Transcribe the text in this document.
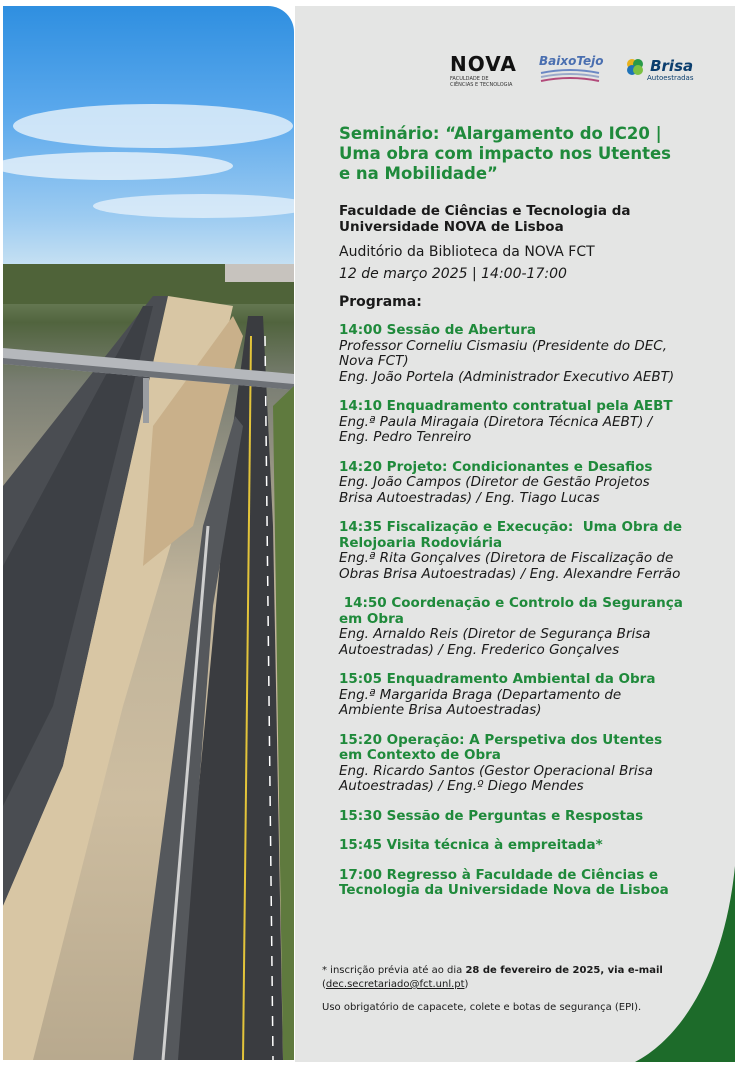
NOVA
FACULDADE DE
CIÊNCIAS E TECNOLOGIA
BaixoTejo	Brisa
Autoestradas
Seminário: “Alargamento do IC20 | Uma obra com impacto nos Utentes e na Mobilidade”
Faculdade de Ciências e Tecnologia da Universidade NOVA de Lisboa
Auditório da Biblioteca da NOVA FCT
12 de março 2025 | 14:00-17:00
Programa:
14:00 Sessão de Abertura
Professor Corneliu Cismasiu (Presidente do DEC, Nova FCT)
Eng. João Portela (Administrador Executivo AEBT)
14:10 Enquadramento contratual pela AEBT
Eng.ª Paula Miragaia (Diretora Técnica AEBT) / Eng. Pedro Tenreiro
14:20 Projeto: Condicionantes e Desafios
Eng. João Campos (Diretor de Gestão Projetos Brisa Autoestradas) / Eng. Tiago Lucas
14:35 Fiscalização e Execução:  Uma Obra de Relojoaria Rodoviária
Eng.ª Rita Gonçalves (Diretora de Fiscalização de Obras Brisa Autoestradas) / Eng. Alexandre Ferrão
14:50 Coordenação e Controlo da Segurança em Obra
Eng. Arnaldo Reis (Diretor de Segurança Brisa Autoestradas) / Eng. Frederico Gonçalves
15:05 Enquadramento Ambiental da Obra
Eng.ª Margarida Braga (Departamento de Ambiente Brisa Autoestradas)
15:20 Operação: A Perspetiva dos Utentes em Contexto de Obra
Eng. Ricardo Santos (Gestor Operacional Brisa Autoestradas) / Eng.º Diego Mendes
15:30 Sessão de Perguntas e Respostas
15:45 Visita técnica à empreitada*
17:00 Regresso à Faculdade de Ciências e Tecnologia da Universidade Nova de Lisboa
* inscrição prévia até ao dia 28 de fevereiro de 2025, via e-mail
(dec.secretariado@fct.unl.pt)
Uso obrigatório de capacete, colete e botas de segurança (EPI).
